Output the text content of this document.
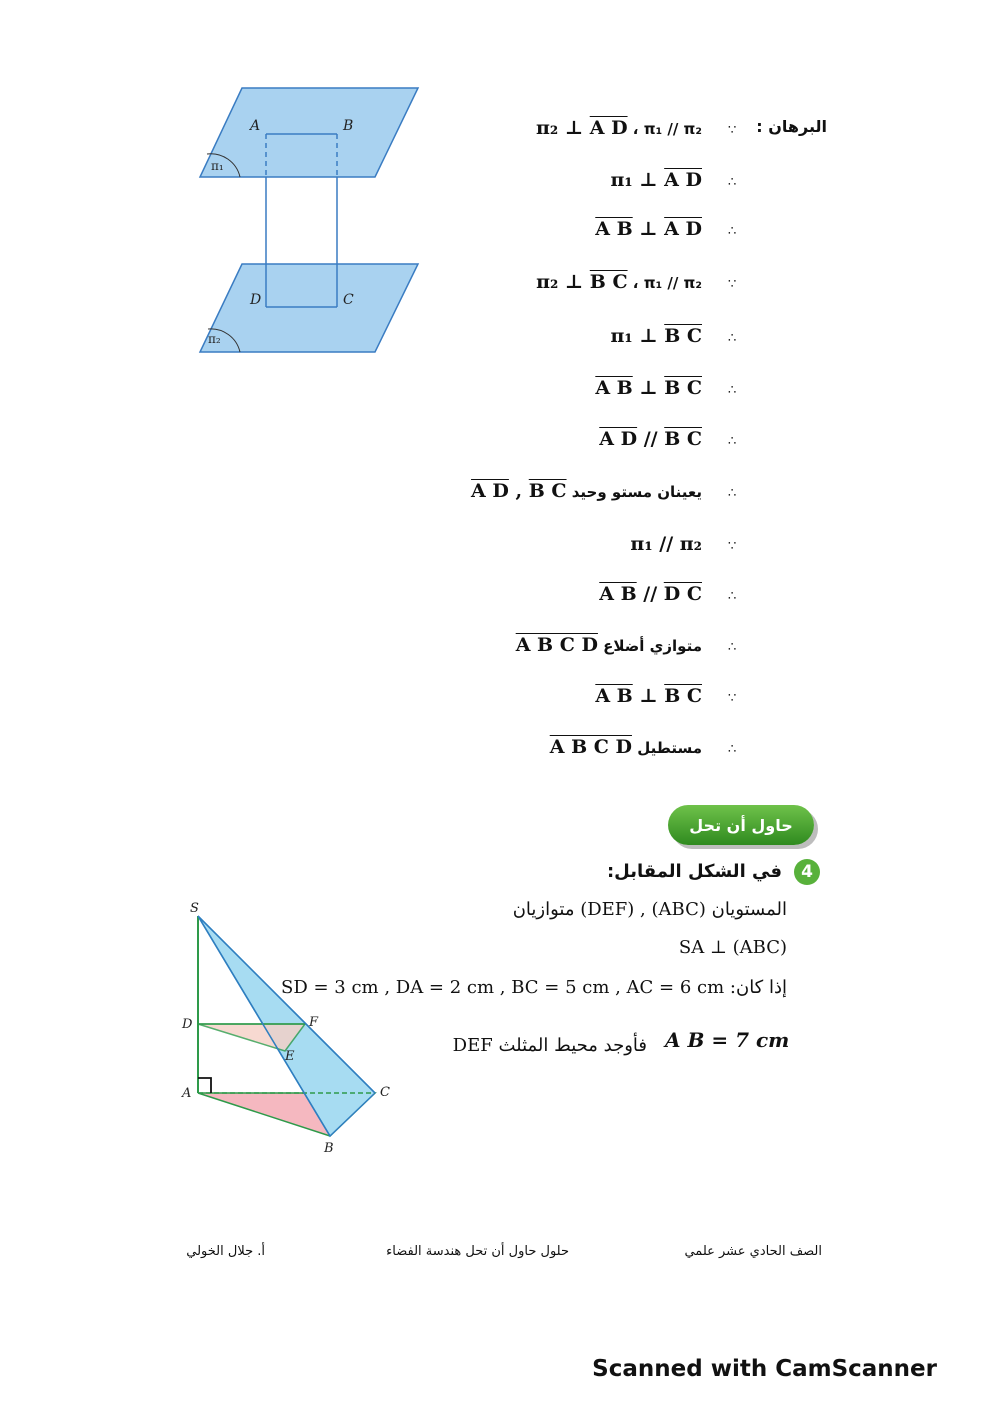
A	B
D	C
π₁
π₂
البرهان :
∵
π₁ // π₂ ، A D ⊥ π₂
∴
A D ⊥ π₁
∴
A D ⊥ A B
∵
π₁ // π₂ ، B C ⊥ π₂
∴
B C ⊥ π₁
∴
B C ⊥ A B
∴
B C // A D
∴
يعينان مستو وحيد B C , A D
∵
π₁ // π₂
∴
D C // A B
∴
متوازي أضلاع A B C D
∵
B C ⊥ A B
∴
مستطيل A B C D
حاول أن تحل
4
في الشكل المقابل:
المستويان (ABC) , (DEF) متوازيان
SA ⊥ (ABC)
إذا كان: SD = 3 cm , DA = 2 cm , BC = 5 cm , AC = 6 cm
فأوجد محيط المثلث DEF A B = 7 cm
S
D	F
E
A	C
B
الصف الحادي عشر علمي
حلول حاول أن تحل هندسة الفضاء
أ. جلال الخولي
Scanned with CamScanner
